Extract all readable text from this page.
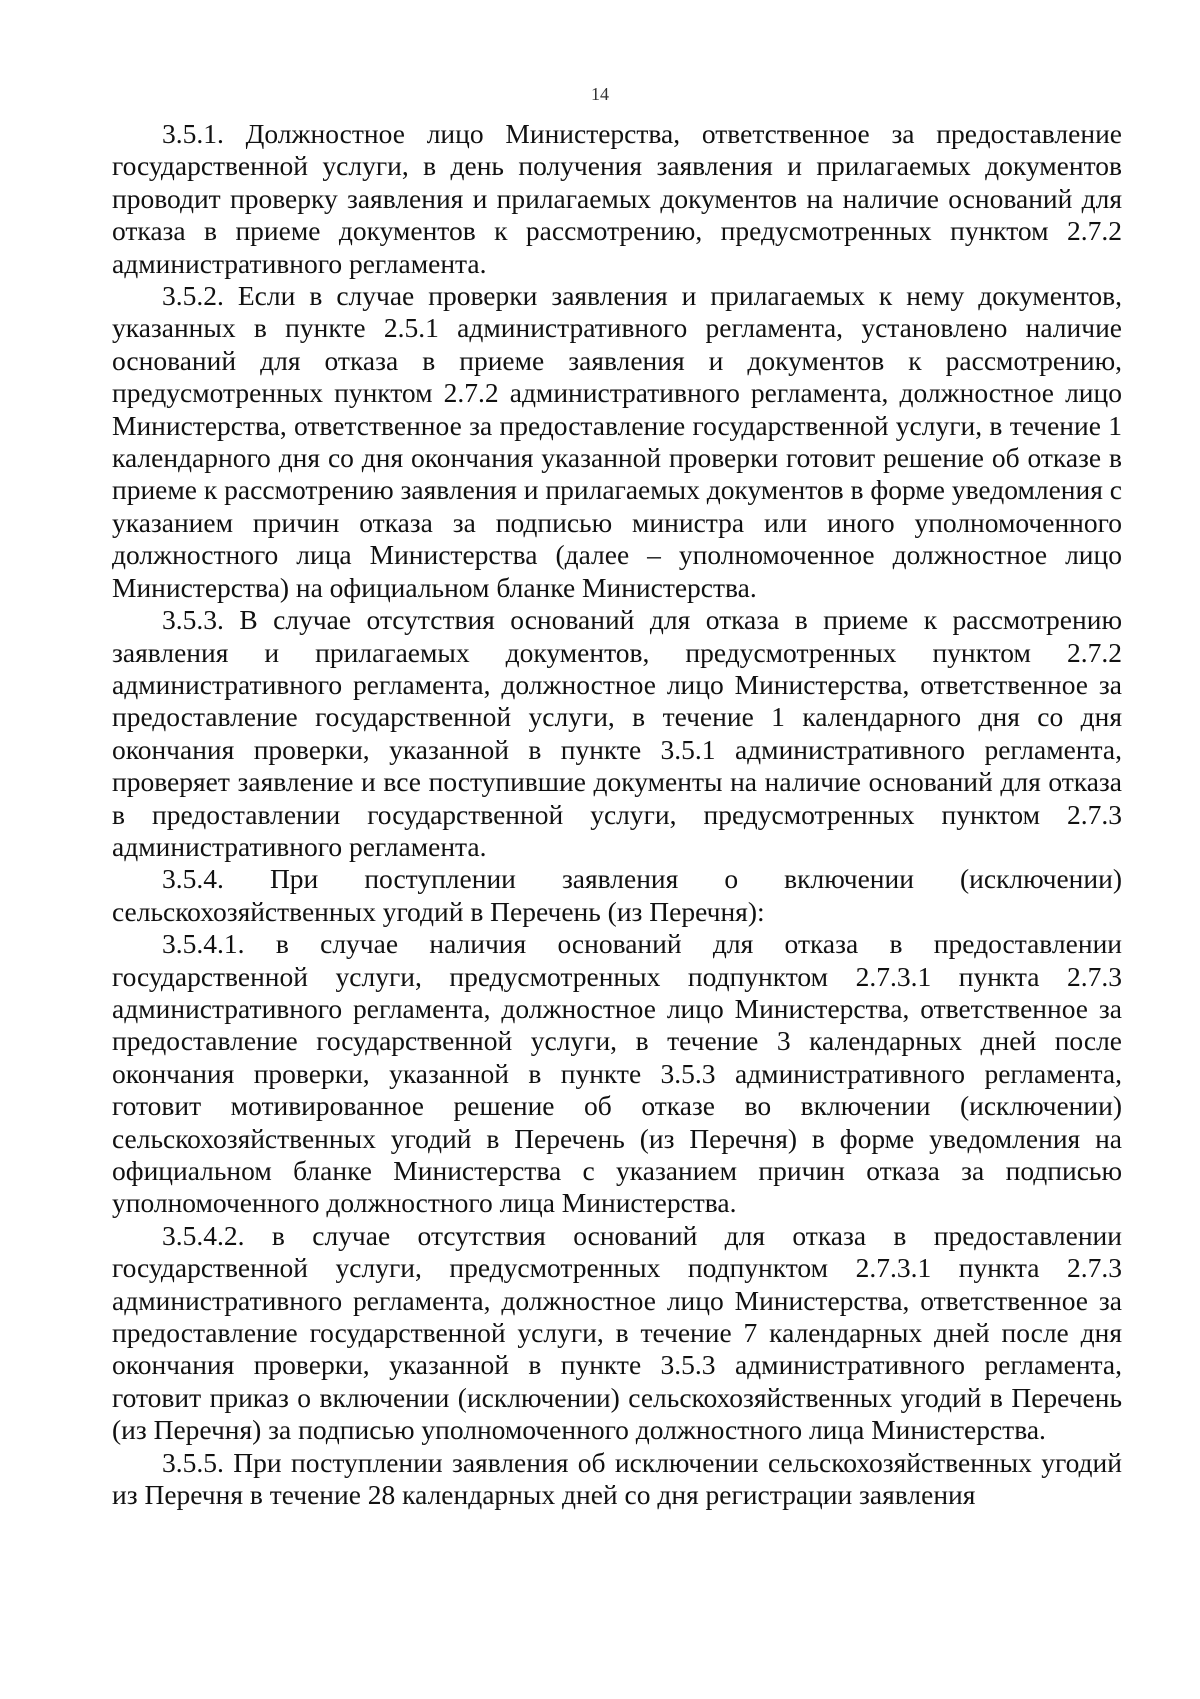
14

3.5.1. Должностное лицо Министерства, ответственное за предоставление государственной услуги, в день получения заявления и прилагаемых документов проводит проверку заявления и прилагаемых документов на наличие оснований для отказа в приеме документов к рассмотрению, предусмотренных пунктом 2.7.2 административного регламента.

3.5.2. Если в случае проверки заявления и прилагаемых к нему документов, указанных в пункте 2.5.1 административного регламента, установлено наличие оснований для отказа в приеме заявления и документов к рассмотрению, предусмотренных пунктом 2.7.2 административного регламента, должностное лицо Министерства, ответственное за предоставление государственной услуги, в течение 1 календарного дня со дня окончания указанной проверки готовит решение об отказе в приеме к рассмотрению заявления и прилагаемых документов в форме уведомления с указанием причин отказа за подписью министра или иного уполномоченного должностного лица Министерства (далее – уполномоченное должностное лицо Министерства) на официальном бланке Министерства.

3.5.3. В случае отсутствия оснований для отказа в приеме к рассмотрению заявления и прилагаемых документов, предусмотренных пунктом 2.7.2 административного регламента, должностное лицо Министерства, ответственное за предоставление государственной услуги, в течение 1 календарного дня со дня окончания проверки, указанной в пункте 3.5.1 административного регламента, проверяет заявление и все поступившие документы на наличие оснований для отказа в предоставлении государственной услуги, предусмотренных пунктом 2.7.3 административного регламента.

3.5.4. При поступлении заявления о включении (исключении) сельскохозяйственных угодий в Перечень (из Перечня):

3.5.4.1. в случае наличия оснований для отказа в предоставлении государственной услуги, предусмотренных подпунктом 2.7.3.1 пункта 2.7.3 административного регламента, должностное лицо Министерства, ответственное за предоставление государственной услуги, в течение 3 календарных дней после окончания проверки, указанной в пункте 3.5.3 административного регламента, готовит мотивированное решение об отказе во включении (исключении) сельскохозяйственных угодий в Перечень (из Перечня) в форме уведомления на официальном бланке Министерства с указанием причин отказа за подписью уполномоченного должностного лица Министерства.

3.5.4.2. в случае отсутствия оснований для отказа в предоставлении государственной услуги, предусмотренных подпунктом 2.7.3.1 пункта 2.7.3 административного регламента, должностное лицо Министерства, ответственное за предоставление государственной услуги, в течение 7 календарных дней после дня окончания проверки, указанной в пункте 3.5.3 административного регламента, готовит приказ о включении (исключении) сельскохозяйственных угодий в Перечень (из Перечня) за подписью уполномоченного должностного лица Министерства.

3.5.5. При поступлении заявления об исключении сельскохозяйственных угодий из Перечня в течение 28 календарных дней со дня регистрации заявления
